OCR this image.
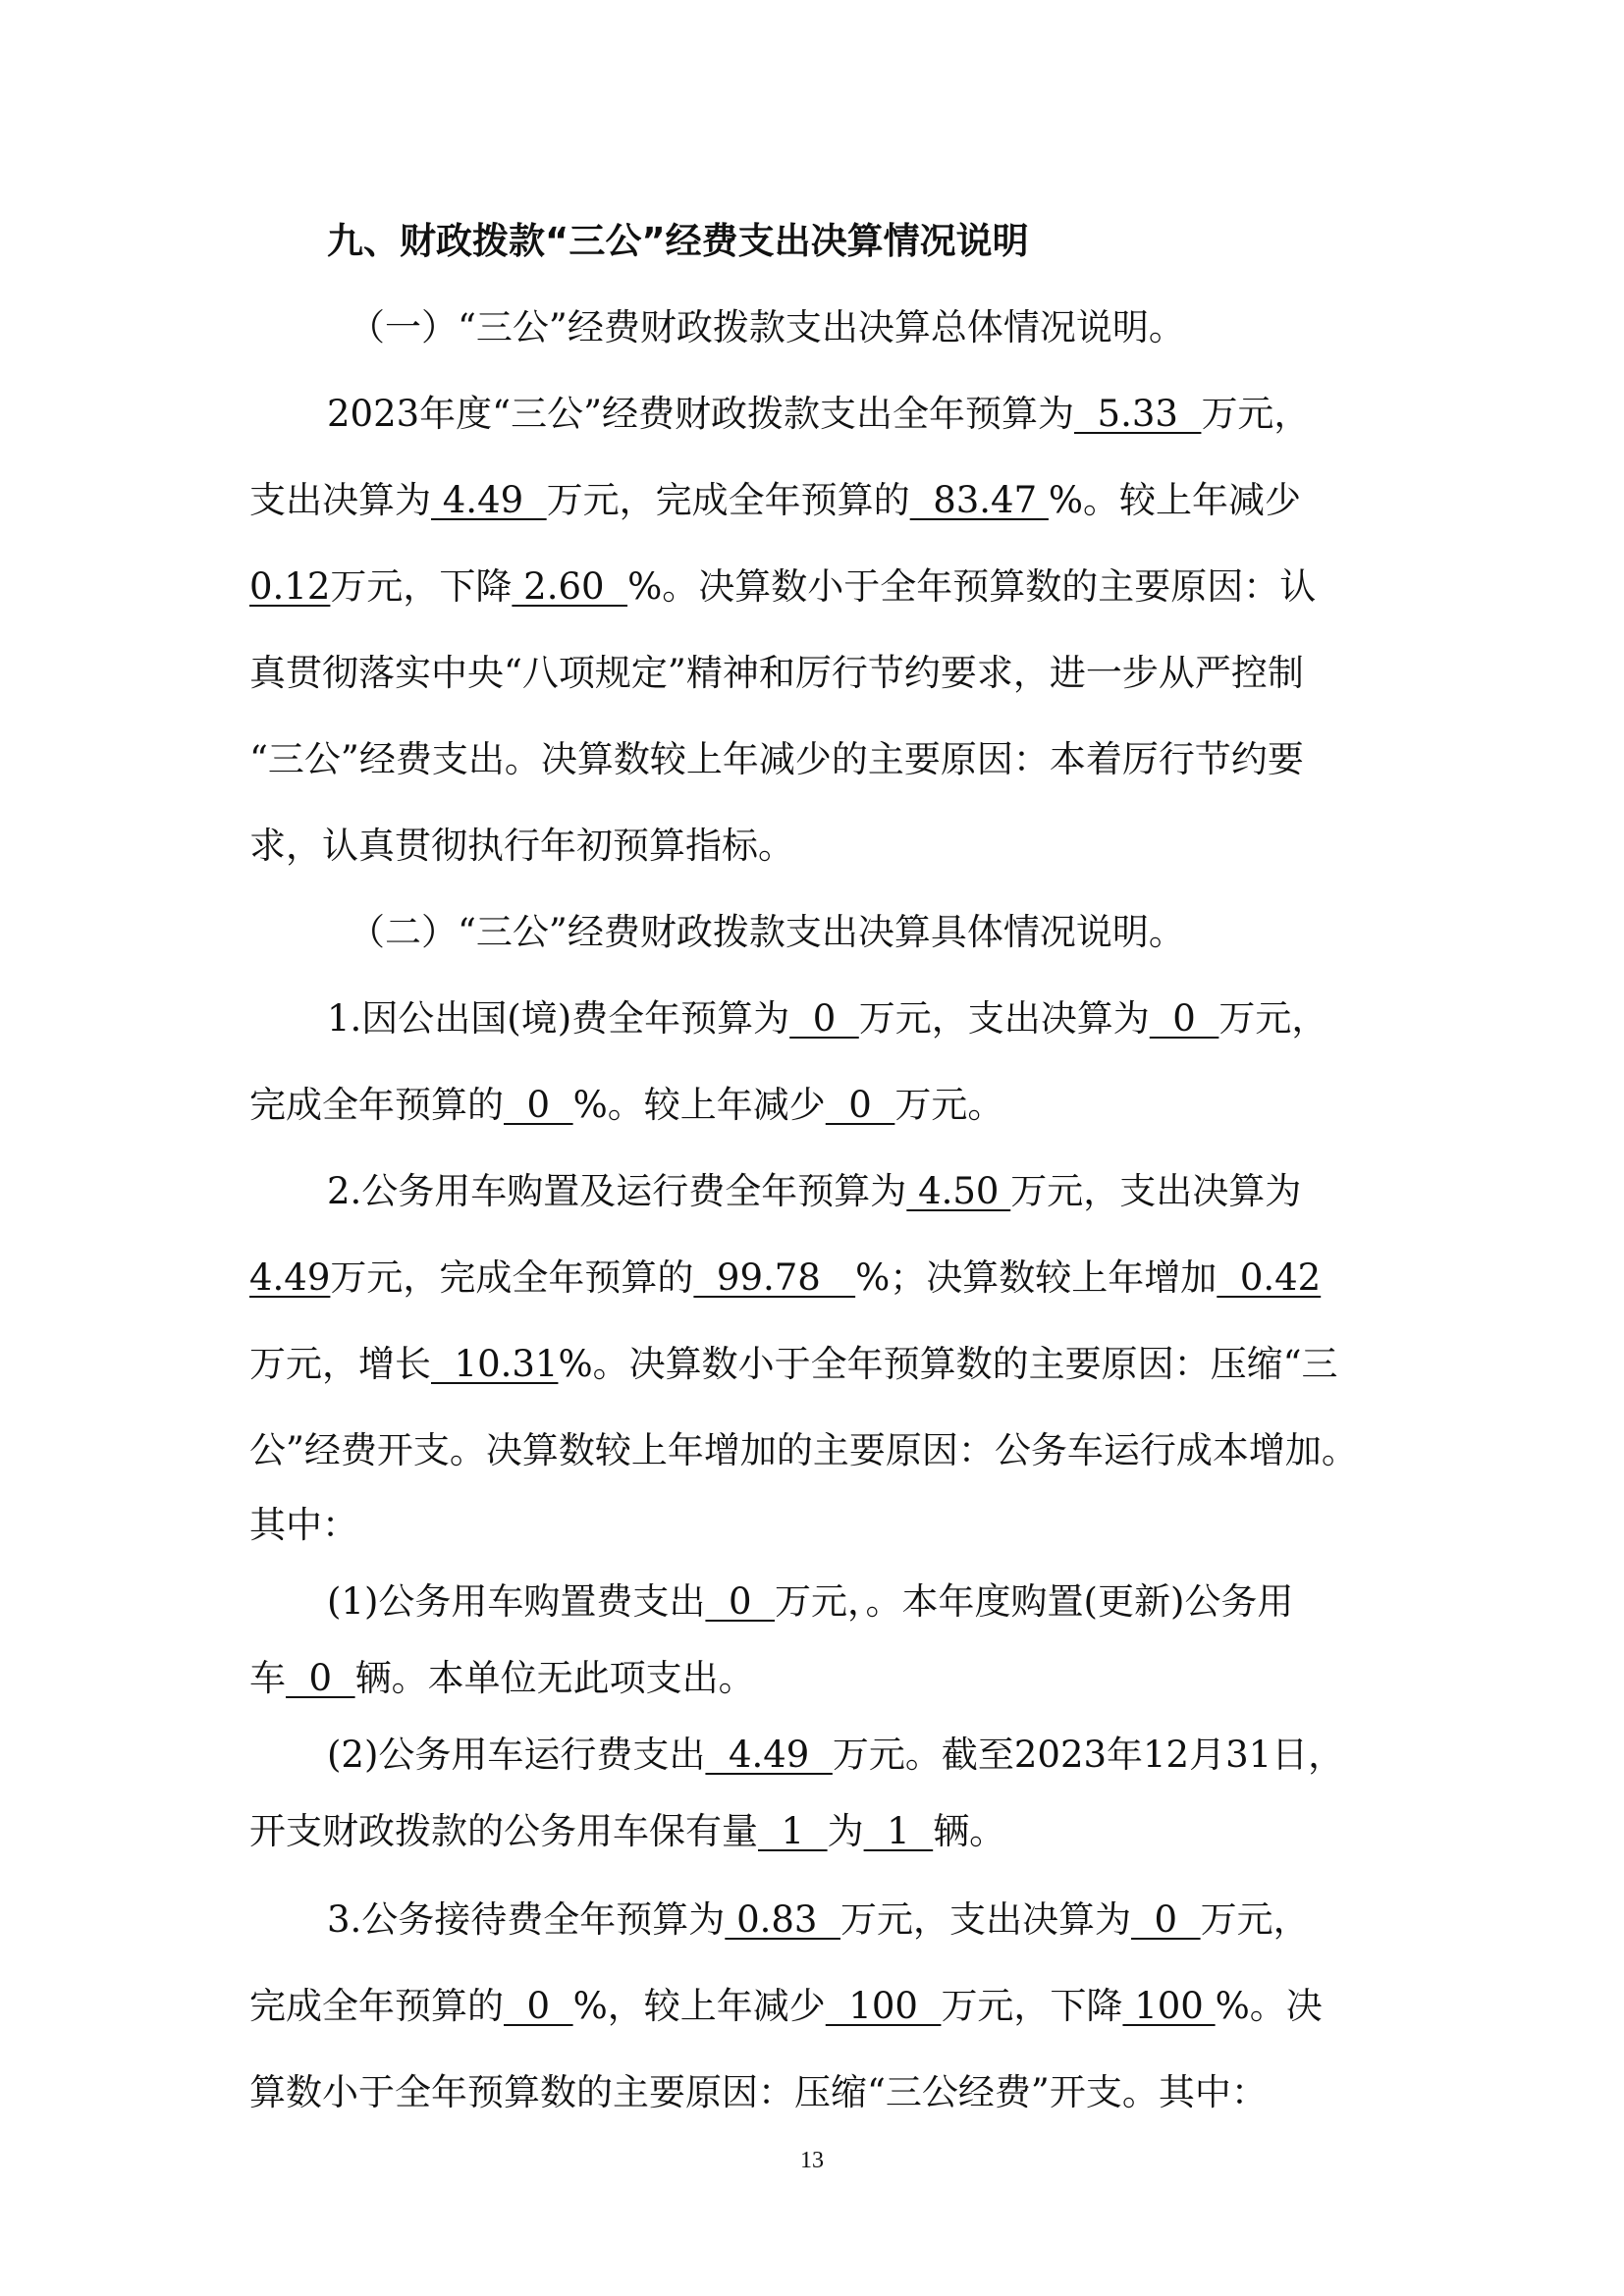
九、财政拨款“三公”经费支出决算情况说明
（一）“三公”经费财政拨款支出决算总体情况说明。
2023年度“三公”经费财政拨款支出全年预算为  5.33  万元，
支出决算为 4.49  万元，完成全年预算的  83.47 %。较上年减少
0.12万元，下降 2.60  %。决算数小于全年预算数的主要原因：认
真贯彻落实中央“八项规定”精神和厉行节约要求，进一步从严控制
“三公”经费支出。决算数较上年减少的主要原因：本着厉行节约要
求，认真贯彻执行年初预算指标。
（二）“三公”经费财政拨款支出决算具体情况说明。
1.因公出国(境)费全年预算为  0  万元，支出决算为  0  万元，
完成全年预算的  0  %。较上年减少  0  万元。
2.公务用车购置及运行费全年预算为 4.50 万元，支出决算为
4.49万元，完成全年预算的  99.78   %；决算数较上年增加  0.42
万元，增长  10.31%。决算数小于全年预算数的主要原因：压缩“三
公”经费开支。决算数较上年增加的主要原因：公务车运行成本增加。
其中：
(1)公务用车购置费支出  0  万元，。本年度购置(更新)公务用
车  0  辆。本单位无此项支出。
(2)公务用车运行费支出  4.49  万元。截至2023年12月31日，
开支财政拨款的公务用车保有量  1  为  1  辆。
3.公务接待费全年预算为 0.83  万元，支出决算为  0  万元，
完成全年预算的  0  %，较上年减少  100  万元，下降 100 %。决
算数小于全年预算数的主要原因：压缩“三公经费”开支。其中：
13
